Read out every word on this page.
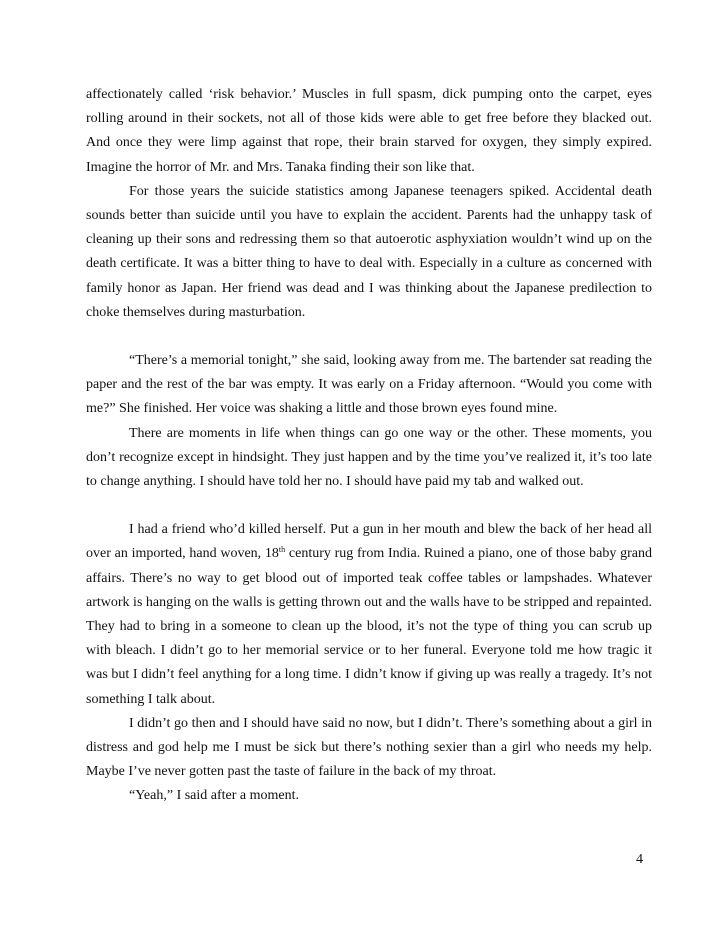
affectionately called ‘risk behavior.’ Muscles in full spasm, dick pumping onto the carpet, eyes rolling around in their sockets, not all of those kids were able to get free before they blacked out. And once they were limp against that rope, their brain starved for oxygen, they simply expired. Imagine the horror of Mr. and Mrs. Tanaka finding their son like that.

For those years the suicide statistics among Japanese teenagers spiked. Accidental death sounds better than suicide until you have to explain the accident. Parents had the unhappy task of cleaning up their sons and redressing them so that autoerotic asphyxiation wouldn’t wind up on the death certificate. It was a bitter thing to have to deal with. Especially in a culture as concerned with family honor as Japan. Her friend was dead and I was thinking about the Japanese predilection to choke themselves during masturbation.

“There’s a memorial tonight,” she said, looking away from me. The bartender sat reading the paper and the rest of the bar was empty. It was early on a Friday afternoon. “Would you come with me?” She finished. Her voice was shaking a little and those brown eyes found mine.

There are moments in life when things can go one way or the other. These moments, you don’t recognize except in hindsight. They just happen and by the time you’ve realized it, it’s too late to change anything. I should have told her no. I should have paid my tab and walked out.

I had a friend who’d killed herself. Put a gun in her mouth and blew the back of her head all over an imported, hand woven, 18th century rug from India. Ruined a piano, one of those baby grand affairs. There’s no way to get blood out of imported teak coffee tables or lampshades. Whatever artwork is hanging on the walls is getting thrown out and the walls have to be stripped and repainted. They had to bring in a someone to clean up the blood, it’s not the type of thing you can scrub up with bleach. I didn’t go to her memorial service or to her funeral. Everyone told me how tragic it was but I didn’t feel anything for a long time. I didn’t know if giving up was really a tragedy. It’s not something I talk about.

I didn’t go then and I should have said no now, but I didn’t. There’s something about a girl in distress and god help me I must be sick but there’s nothing sexier than a girl who needs my help. Maybe I’ve never gotten past the taste of failure in the back of my throat.

“Yeah,” I said after a moment.

4
